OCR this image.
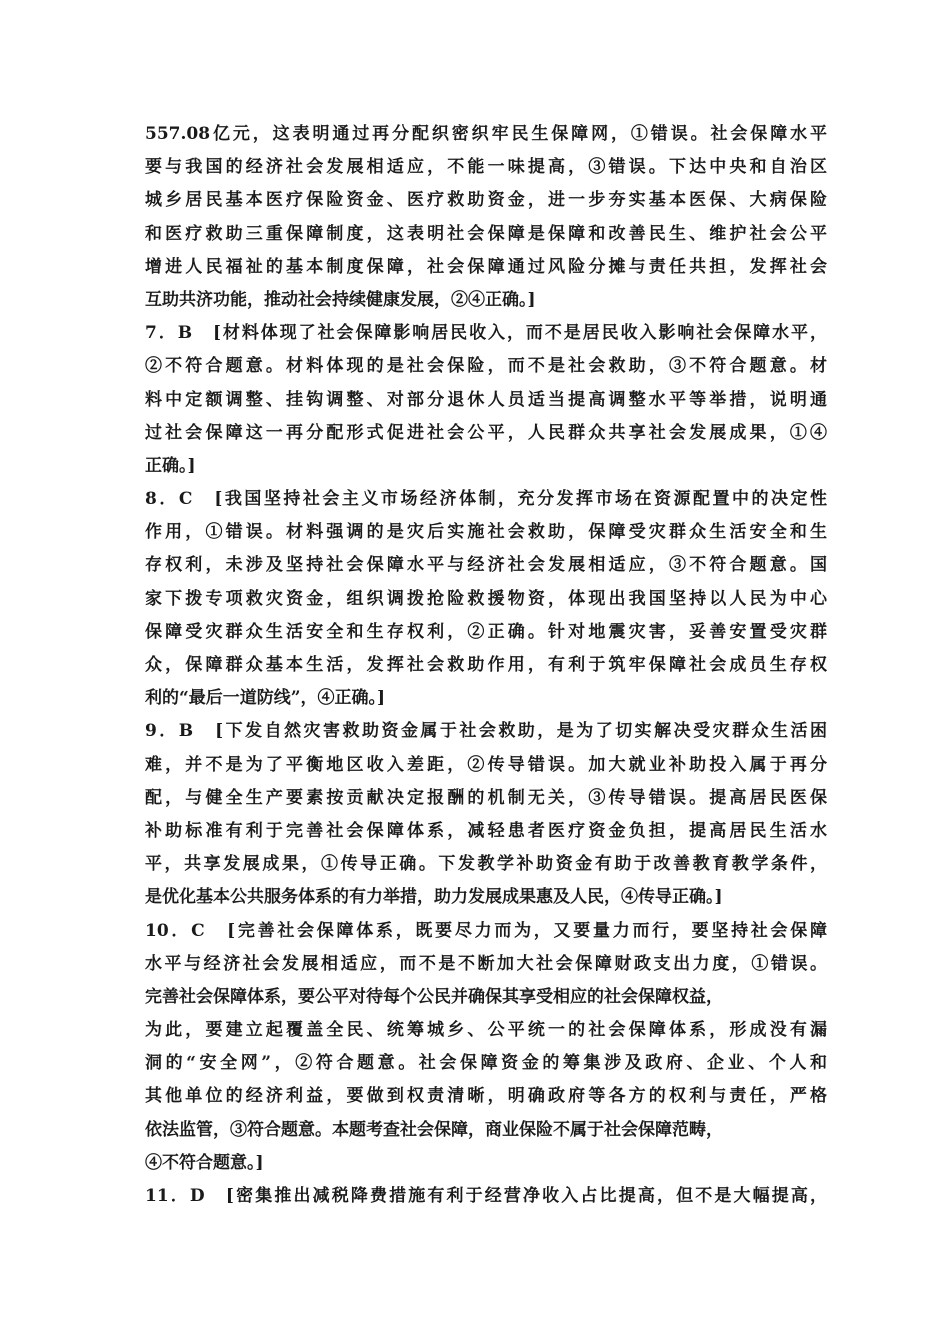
557.08亿元，这表明通过再分配织密织牢民生保障网，①错误。社会保障水平
要与我国的经济社会发展相适应，不能一味提高，③错误。下达中央和自治区
城乡居民基本医疗保险资金、医疗救助资金，进一步夯实基本医保、大病保险
和医疗救助三重保障制度，这表明社会保障是保障和改善民生、维护社会公平
增进人民福祉的基本制度保障，社会保障通过风险分摊与责任共担，发挥社会
互助共济功能，推动社会持续健康发展，②④正确。]
7．B　[材料体现了社会保障影响居民收入，而不是居民收入影响社会保障水平，
②不符合题意。材料体现的是社会保险，而不是社会救助，③不符合题意。材
料中定额调整、挂钩调整、对部分退休人员适当提高调整水平等举措，说明通
过社会保障这一再分配形式促进社会公平，人民群众共享社会发展成果，①④
正确。]
8．C　[我国坚持社会主义市场经济体制，充分发挥市场在资源配置中的决定性
作用，①错误。材料强调的是灾后实施社会救助，保障受灾群众生活安全和生
存权利，未涉及坚持社会保障水平与经济社会发展相适应，③不符合题意。国
家下拨专项救灾资金，组织调拨抢险救援物资，体现出我国坚持以人民为中心
保障受灾群众生活安全和生存权利，②正确。针对地震灾害，妥善安置受灾群
众，保障群众基本生活，发挥社会救助作用，有利于筑牢保障社会成员生存权
利的“最后一道防线”，④正确。]
9．B　[下发自然灾害救助资金属于社会救助，是为了切实解决受灾群众生活困
难，并不是为了平衡地区收入差距，②传导错误。加大就业补助投入属于再分
配，与健全生产要素按贡献决定报酬的机制无关，③传导错误。提高居民医保
补助标准有利于完善社会保障体系，减轻患者医疗资金负担，提高居民生活水
平，共享发展成果，①传导正确。下发教学补助资金有助于改善教育教学条件，
是优化基本公共服务体系的有力举措，助力发展成果惠及人民，④传导正确。]
10．C　[完善社会保障体系，既要尽力而为，又要量力而行，要坚持社会保障
水平与经济社会发展相适应，而不是不断加大社会保障财政支出力度，①错误。
完善社会保障体系，要公平对待每个公民并确保其享受相应的社会保障权益，
为此，要建立起覆盖全民、统筹城乡、公平统一的社会保障体系，形成没有漏
洞的“安全网”，②符合题意。社会保障资金的筹集涉及政府、企业、个人和
其他单位的经济利益，要做到权责清晰，明确政府等各方的权利与责任，严格
依法监管，③符合题意。本题考查社会保障，商业保险不属于社会保障范畴，
④不符合题意。]
11．D　[密集推出减税降费措施有利于经营净收入占比提高，但不是大幅提高，
